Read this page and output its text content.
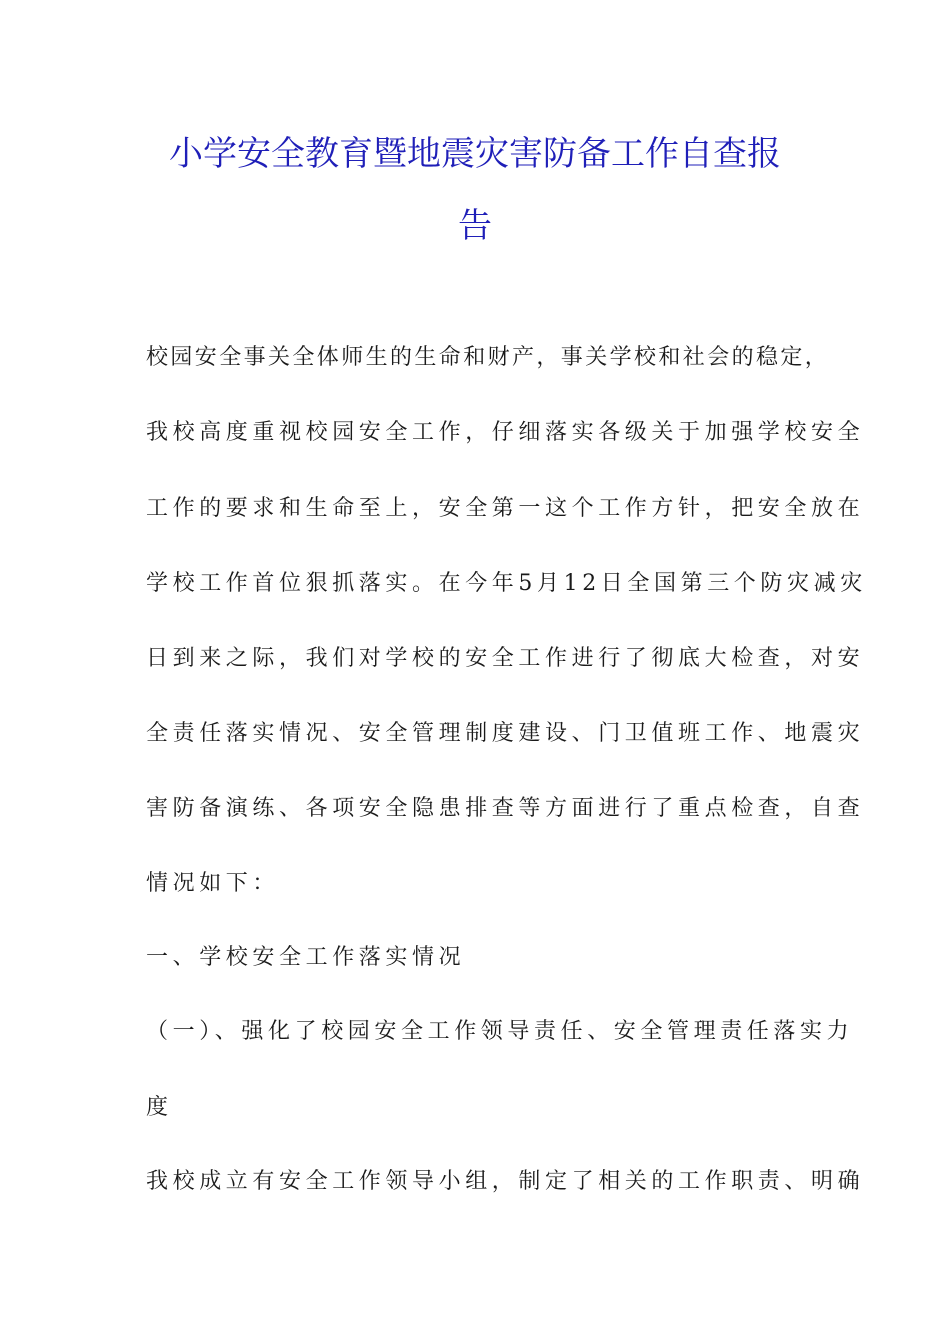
小学安全教育暨地震灾害防备工作自查报
告
校园安全事关全体师生的生命和财产，事关学校和社会的稳定，
我校高度重视校园安全工作，仔细落实各级关于加强学校安全
工作的要求和生命至上，安全第一这个工作方针，把安全放在
学校工作首位狠抓落实。在今年5月12日全国第三个防灾减灾
日到来之际，我们对学校的安全工作进行了彻底大检查，对安
全责任落实情况、安全管理制度建设、门卫值班工作、地震灾
害防备演练、各项安全隐患排查等方面进行了重点检查，自查
情况如下：
一、学校安全工作落实情况
（一）、强化了校园安全工作领导责任、安全管理责任落实力
度
我校成立有安全工作领导小组，制定了相关的工作职责、明确
